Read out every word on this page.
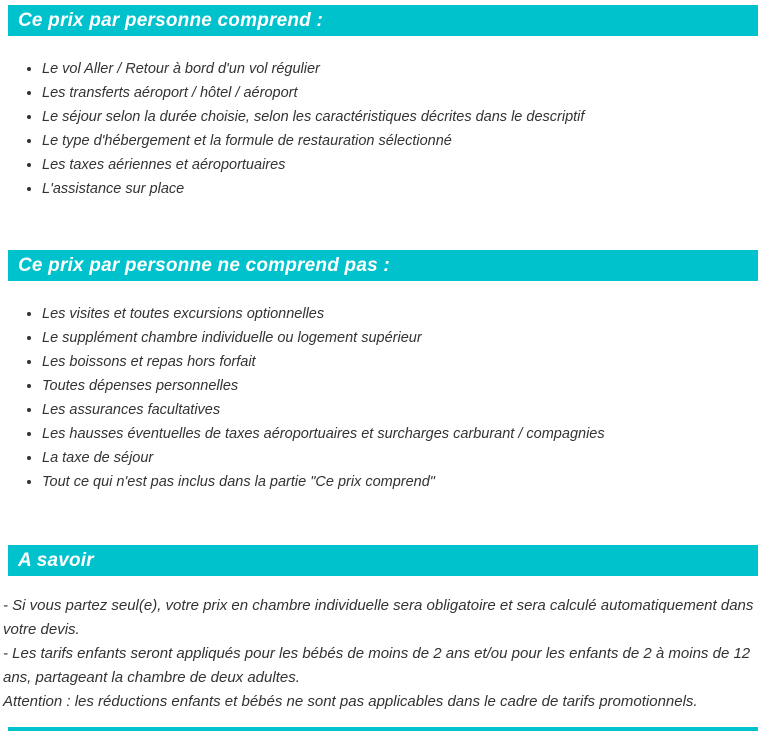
Ce prix par personne comprend :
• Le vol Aller / Retour à bord d'un vol régulier
• Les transferts aéroport / hôtel / aéroport
• Le séjour selon la durée choisie, selon les caractéristiques décrites dans le descriptif
• Le type d'hébergement et la formule de restauration sélectionné
• Les taxes aériennes et aéroportuaires
• L'assistance sur place
Ce prix par personne ne comprend pas :
• Les visites et toutes excursions optionnelles
• Le supplément chambre individuelle ou logement supérieur
• Les boissons et repas hors forfait
• Toutes dépenses personnelles
• Les assurances facultatives
• Les hausses éventuelles de taxes aéroportuaires et surcharges carburant / compagnies
• La taxe de séjour
• Tout ce qui n'est pas inclus dans la partie "Ce prix comprend"
A savoir

- Si vous partez seul(e), votre prix en chambre individuelle sera obligatoire et sera calculé automatiquement dans votre devis.

- Les tarifs enfants seront appliqués pour les bébés de moins de 2 ans et/ou pour les enfants de 2 à moins de 12 ans, partageant la chambre de deux adultes.

Attention : les réductions enfants et bébés ne sont pas applicables dans le cadre de tarifs promotionnels.
